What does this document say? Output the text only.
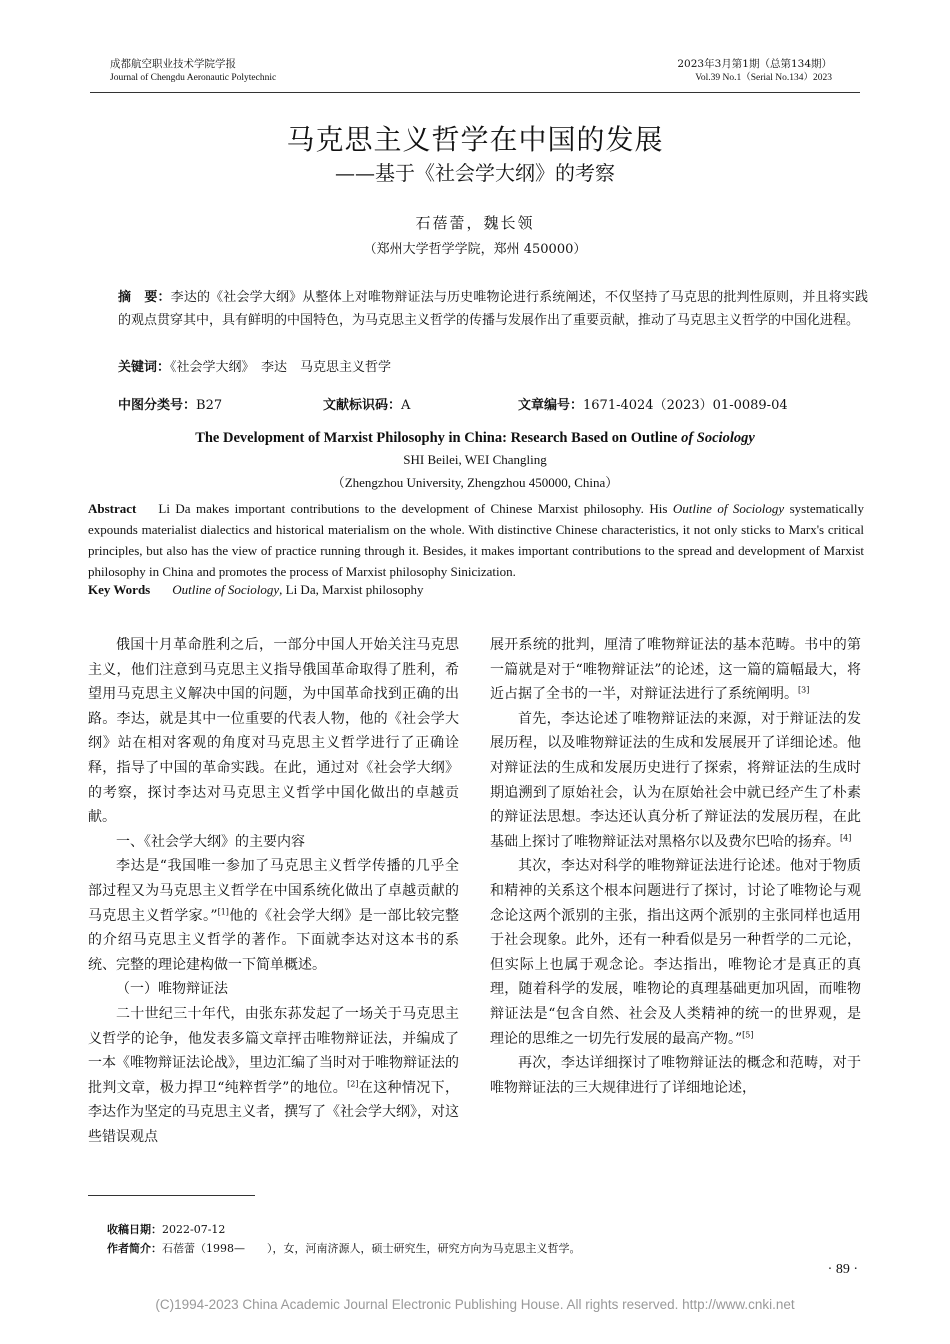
成都航空职业技术学院学报
Journal of Chengdu Aeronautic Polytechnic
2023年3月第1期（总第134期）
Vol.39 No.1（Serial No.134）2023
马克思主义哲学在中国的发展
——基于《社会学大纲》的考察
石蓓蕾，魏长领
（郑州大学哲学学院，郑州 450000）
摘　要：李达的《社会学大纲》从整体上对唯物辩证法与历史唯物论进行系统阐述，不仅坚持了马克思的批判性原则，并且将实践的观点贯穿其中，具有鲜明的中国特色，为马克思主义哲学的传播与发展作出了重要贡献，推动了马克思主义哲学的中国化进程。
关键词：《社会学大纲》　李达　马克思主义哲学
中图分类号：B27	文献标识码：A	文章编号：1671-4024（2023）01-0089-04
The Development of Marxist Philosophy in China: Research Based on Outline of Sociology
SHI Beilei, WEI Changling
（Zhengzhou University, Zhengzhou 450000, China）
Abstract Li Da makes important contributions to the development of Chinese Marxist philosophy. His Outline of Sociology systematically expounds materialist dialectics and historical materialism on the whole. With distinctive Chinese characteristics, it not only sticks to Marx's critical principles, but also has the view of practice running through it. Besides, it makes important contributions to the spread and development of Marxist philosophy in China and promotes the process of Marxist philosophy Sinicization.
Key Words Outline of Sociology, Li Da, Marxist philosophy

俄国十月革命胜利之后，一部分中国人开始关注马克思主义，他们注意到马克思主义指导俄国革命取得了胜利，希望用马克思主义解决中国的问题，为中国革命找到正确的出路。李达，就是其中一位重要的代表人物，他的《社会学大纲》站在相对客观的角度对马克思主义哲学进行了正确诠释，指导了中国的革命实践。在此，通过对《社会学大纲》的考察，探讨李达对马克思主义哲学中国化做出的卓越贡献。

一、《社会学大纲》的主要内容

李达是“我国唯一参加了马克思主义哲学传播的几乎全部过程又为马克思主义哲学在中国系统化做出了卓越贡献的马克思主义哲学家。”[1]他的《社会学大纲》是一部比较完整的介绍马克思主义哲学的著作。下面就李达对这本书的系统、完整的理论建构做一下简单概述。

（一）唯物辩证法

二十世纪三十年代，由张东荪发起了一场关于马克思主义哲学的论争，他发表多篇文章抨击唯物辩证法，并编成了一本《唯物辩证法论战》，里边汇编了当时对于唯物辩证法的批判文章，极力捍卫“纯粹哲学”的地位。[2]在这种情况下，李达作为坚定的马克思主义者，撰写了《社会学大纲》，对这些错误观点

展开系统的批判，厘清了唯物辩证法的基本范畴。书中的第一篇就是对于“唯物辩证法”的论述，这一篇的篇幅最大，将近占据了全书的一半，对辩证法进行了系统阐明。[3]

首先，李达论述了唯物辩证法的来源，对于辩证法的发展历程，以及唯物辩证法的生成和发展展开了详细论述。他对辩证法的生成和发展历史进行了探索，将辩证法的生成时期追溯到了原始社会，认为在原始社会中就已经产生了朴素的辩证法思想。李达还认真分析了辩证法的发展历程，在此基础上探讨了唯物辩证法对黑格尔以及费尔巴哈的扬弃。[4]

其次，李达对科学的唯物辩证法进行论述。他对于物质和精神的关系这个根本问题进行了探讨，讨论了唯物论与观念论这两个派别的主张，指出这两个派别的主张同样也适用于社会现象。此外，还有一种看似是另一种哲学的二元论，但实际上也属于观念论。李达指出，唯物论才是真正的真理，随着科学的发展，唯物论的真理基础更加巩固，而唯物辩证法是“包含自然、社会及人类精神的统一的世界观，是理论的思维之一切先行发展的最高产物。”[5]

再次，李达详细探讨了唯物辩证法的概念和范畴，对于唯物辩证法的三大规律进行了详细地论述，

收稿日期：2022-07-12
作者简介：石蓓蕾（1998—　　），女，河南济源人，硕士研究生，研究方向为马克思主义哲学。
· 89 ·
(C)1994-2023 China Academic Journal Electronic Publishing House. All rights reserved. http://www.cnki.net
